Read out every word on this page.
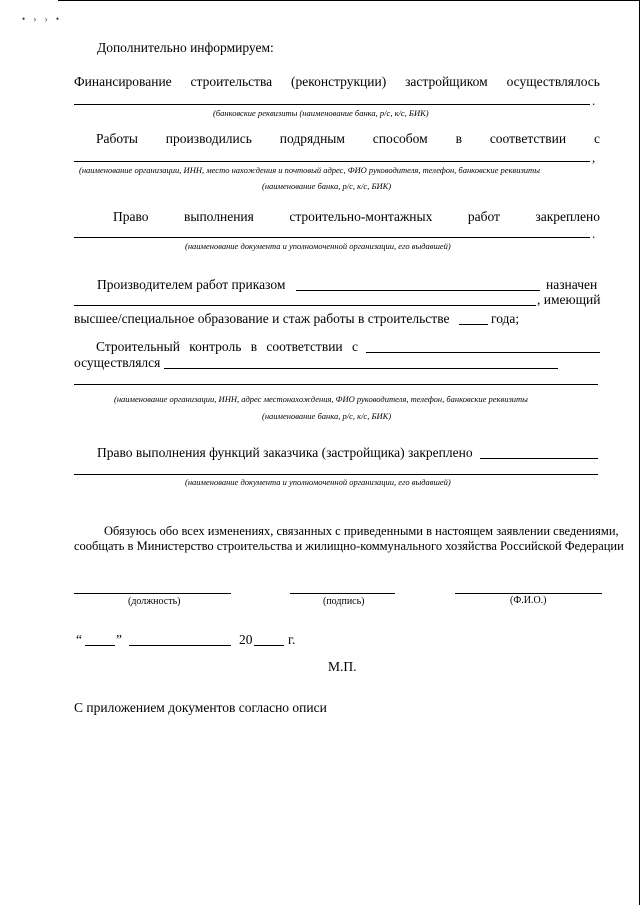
• › › •
Дополнительно информируем:
Финансирование строительства (реконструкции) застройщиком осуществлялось
.
(банковские реквизиты (наименование банка, р/с, к/с, БИК)
Работы производились подрядным способом в соответствии с
,
(наименование организации, ИНН, место нахождения и почтовый адрес, ФИО руководителя, телефон, банковские реквизиты
(наименование банка, р/с, к/с, БИК)
Право	выполнения	строительно-монтажных	работ	закреплено
.
(наименование документа и уполномоченной организации, его выдавшей)
Производителем работ приказом	назначен
, имеющий
высшее/специальное образование и стаж работы в строительстве	года;
Строительный контроль в соответствии с
осуществлялся
(наименование организации, ИНН, адрес местонахождения, ФИО руководителя, телефон, банковские реквизиты
(наименование банка, р/с, к/с, БИК)
Право выполнения функций заказчика (застройщика) закреплено
(наименование документа и уполномоченной организации, его выдавшей)
Обязуюсь обо всех изменениях, связанных с приведенными в настоящем заявлении сведениями,
сообщать в Министерство строительства и жилищно-коммунального хозяйства Российской Федерации
(должность)	(подпись)	(Ф.И.О.)
“	”	20	г.
М.П.
С приложением документов согласно описи
